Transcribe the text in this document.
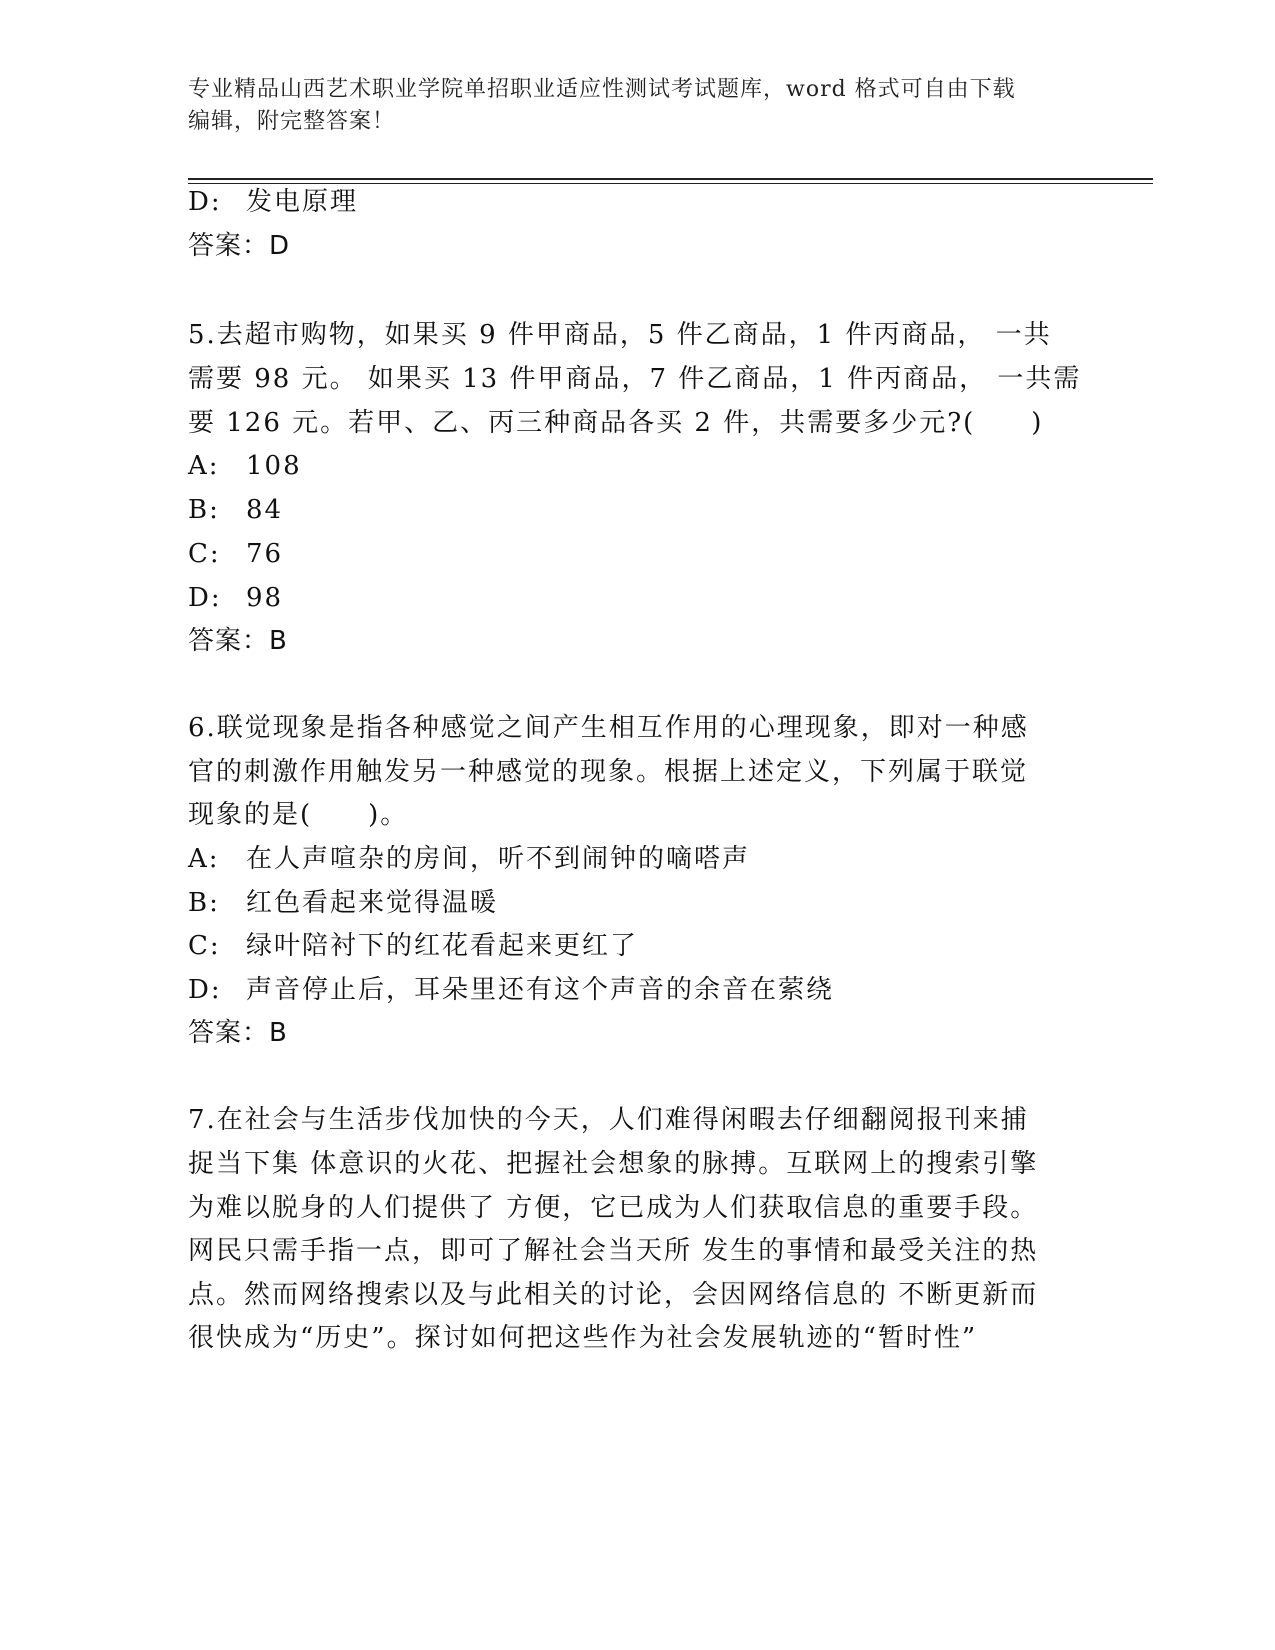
专业精品山西艺术职业学院单招职业适应性测试考试题库，word 格式可自由下载
编辑，附完整答案！
D: 发电原理
答案：D
5.去超市购物，如果买 9 件甲商品，5 件乙商品，1 件丙商品， 一共
需要 98 元。 如果买 13 件甲商品，7 件乙商品，1 件丙商品， 一共需
要 126 元。若甲、乙、丙三种商品各买 2 件，共需要多少元?(　　)
A: 108
B: 84
C: 76
D: 98
答案：B
6.联觉现象是指各种感觉之间产生相互作用的心理现象，即对一种感
官的刺激作用触发另一种感觉的现象。根据上述定义，下列属于联觉
现象的是(　　)。
A: 在人声喧杂的房间，听不到闹钟的嘀嗒声
B: 红色看起来觉得温暖
C: 绿叶陪衬下的红花看起来更红了
D: 声音停止后，耳朵里还有这个声音的余音在萦绕
答案：B
7.在社会与生活步伐加快的今天，人们难得闲暇去仔细翻阅报刊来捕
捉当下集 体意识的火花、把握社会想象的脉搏。互联网上的搜索引擎
为难以脱身的人们提供了 方便，它已成为人们获取信息的重要手段。
网民只需手指一点，即可了解社会当天所 发生的事情和最受关注的热
点。然而网络搜索以及与此相关的讨论，会因网络信息的 不断更新而
很快成为“历史”。探讨如何把这些作为社会发展轨迹的“暂时性”
